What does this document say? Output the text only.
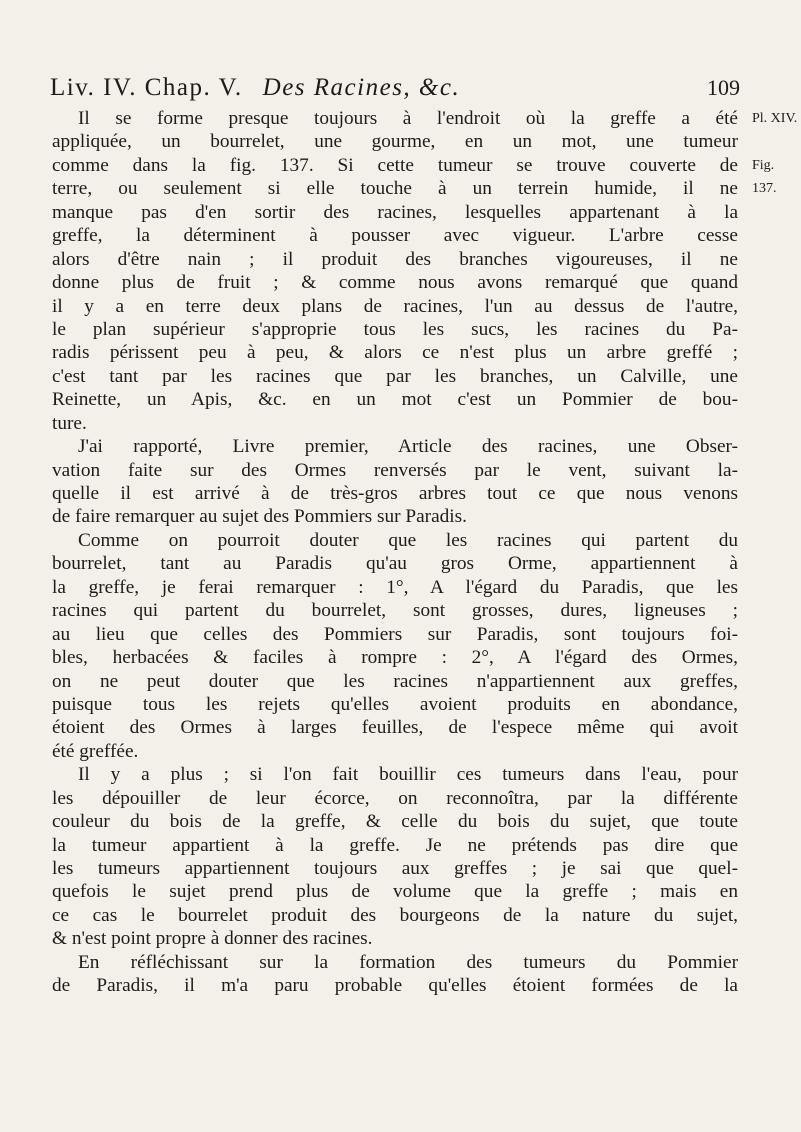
Liv. IV. Chap. V. Des Racines, &c.	109
Pl. XIV.
Fig. 137.
Il se forme presque toujours à l'endroit où la greffe a été
appliquée, un bourrelet, une gourme, en un mot, une tumeur
comme dans la fig. 137. Si cette tumeur se trouve couverte de
terre, ou seulement si elle touche à un terrein humide, il ne
manque pas d'en sortir des racines, lesquelles appartenant à la
greffe, la déterminent à pousser avec vigueur. L'arbre cesse
alors d'être nain ; il produit des branches vigoureuses, il ne
donne plus de fruit ; & comme nous avons remarqué que quand
il y a en terre deux plans de racines, l'un au dessus de l'autre,
le plan supérieur s'approprie tous les sucs, les racines du Pa-
radis périssent peu à peu, & alors ce n'est plus un arbre greffé ;
c'est tant par les racines que par les branches, un Calville, une
Reinette, un Apis, &c. en un mot c'est un Pommier de bou-
ture.
J'ai rapporté, Livre premier, Article des racines, une Obser-
vation faite sur des Ormes renversés par le vent, suivant la-
quelle il est arrivé à de très-gros arbres tout ce que nous venons
de faire remarquer au sujet des Pommiers sur Paradis.
Comme on pourroit douter que les racines qui partent du
bourrelet, tant au Paradis qu'au gros Orme, appartiennent à
la greffe, je ferai remarquer : 1°, A l'égard du Paradis, que les
racines qui partent du bourrelet, sont grosses, dures, ligneuses ;
au lieu que celles des Pommiers sur Paradis, sont toujours foi-
bles, herbacées & faciles à rompre : 2°, A l'égard des Ormes,
on ne peut douter que les racines n'appartiennent aux greffes,
puisque tous les rejets qu'elles avoient produits en abondance,
étoient des Ormes à larges feuilles, de l'espece même qui avoit
été greffée.
Il y a plus ; si l'on fait bouillir ces tumeurs dans l'eau, pour
les dépouiller de leur écorce, on reconnoîtra, par la différente
couleur du bois de la greffe, & celle du bois du sujet, que toute
la tumeur appartient à la greffe. Je ne prétends pas dire que
les tumeurs appartiennent toujours aux greffes ; je sai que quel-
quefois le sujet prend plus de volume que la greffe ; mais en
ce cas le bourrelet produit des bourgeons de la nature du sujet,
& n'est point propre à donner des racines.
En réfléchissant sur la formation des tumeurs du Pommier
de Paradis, il m'a paru probable qu'elles étoient formées de la
